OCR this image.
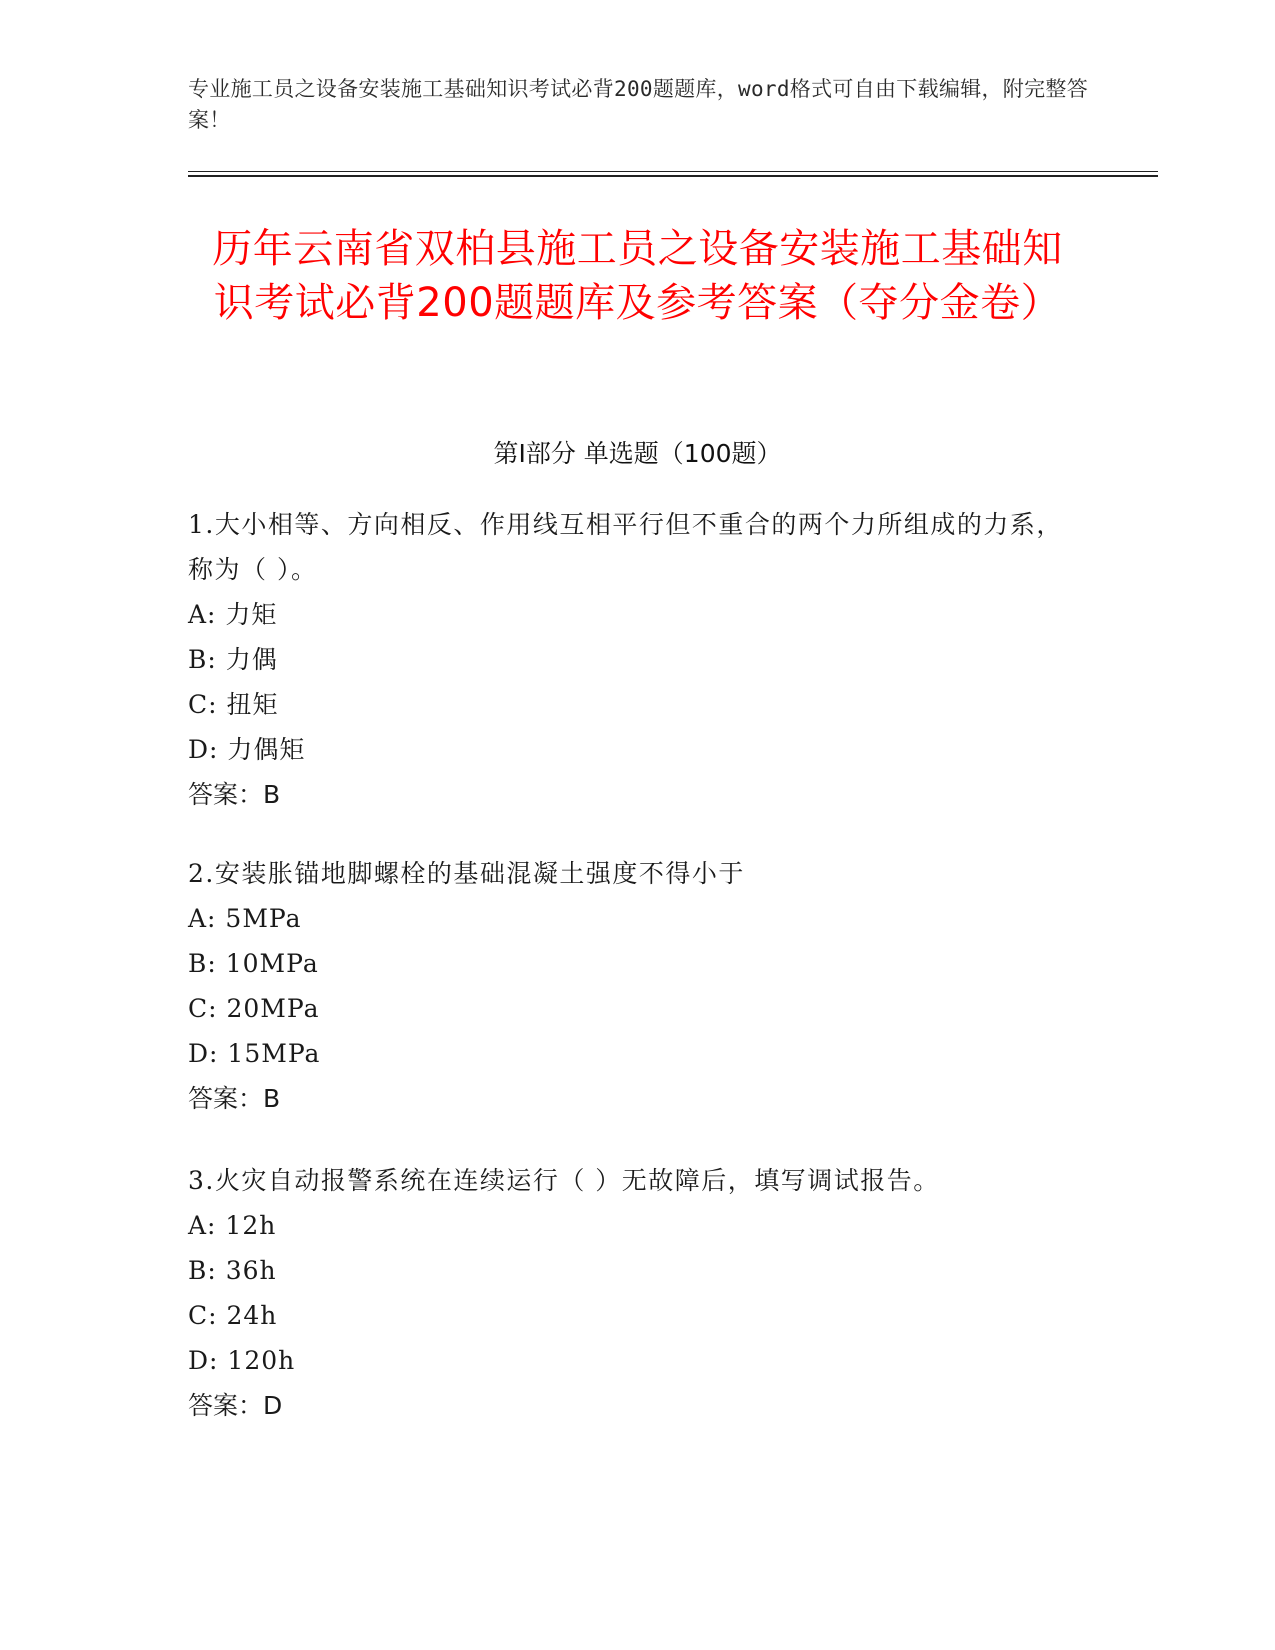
专业施工员之设备安装施工基础知识考试必背200题题库，word格式可自由下载编辑，附完整答案！
历年云南省双柏县施工员之设备安装施工基础知识考试必背200题题库及参考答案（夺分金卷）
第Ⅰ部分 单选题（100题）
1.大小相等、方向相反、作用线互相平行但不重合的两个力所组成的力系，称为（ ）。
A: 力矩
B: 力偶
C: 扭矩
D: 力偶矩
答案：B
2.安装胀锚地脚螺栓的基础混凝土强度不得小于
A: 5MPa
B: 10MPa
C: 20MPa
D: 15MPa
答案：B
3.火灾自动报警系统在连续运行（ ）无故障后，填写调试报告。
A: 12h
B: 36h
C: 24h
D: 120h
答案：D
